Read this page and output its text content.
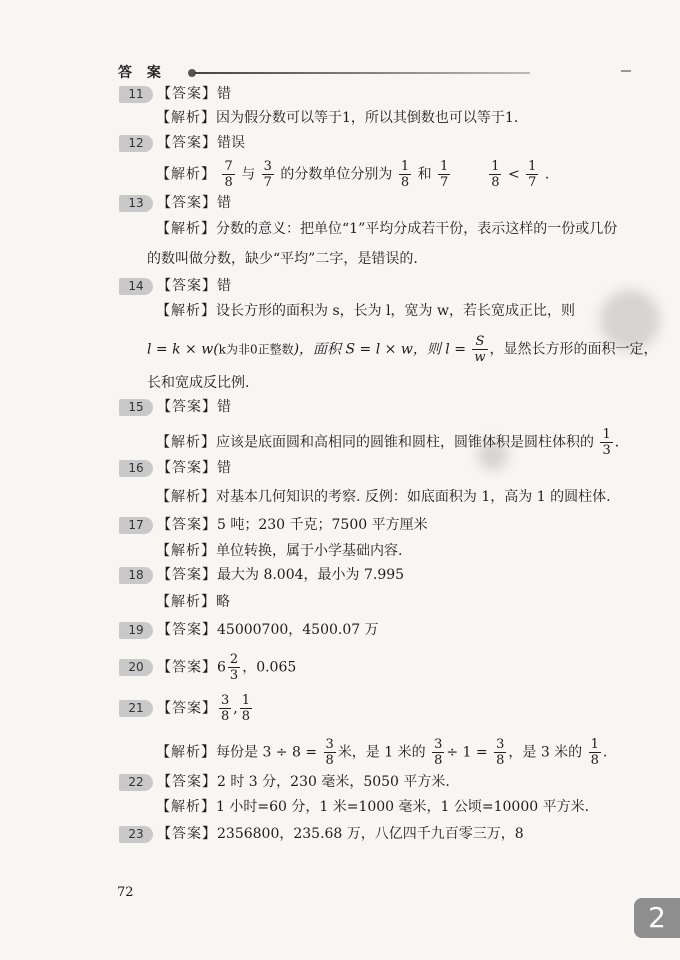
答 案
11 【答案】错
【解析】因为假分数可以等于1，所以其倒数也可以等于1.
12 【答案】错误
【解析】 $\frac{7}{8}$ 与 $\frac{3}{7}$ 的分数单位分别为 $\frac{1}{8}$ 和 $\frac{1}{7}$
	$\frac{1}{8} < \frac{1}{7}$ .
13 【答案】错
【解析】分数的意义：把单位“1”平均分成若干份，表示这样的一份或几份
的数叫做分数，缺少“平均”二字，是错误的.
14 【答案】错
【解析】设长方形的面积为 s，长为 l，宽为 w，若长宽成正比，则
l = k × w(k为非0正整数)，面积 S = l × w，则 $l = \frac{S}{w}$ ，显然长方形的面积一定，
长和宽成反比例.
15 【答案】错
【解析】应该是底面圆和高相同的圆锥和圆柱，圆锥体积是圆柱体积的 $\frac{1}{3}$ .
16 【答案】错
【解析】对基本几何知识的考察. 反例：如底面积为 1，高为 1 的圆柱体.
17 【答案】5 吨；230 千克；7500 平方厘米
【解析】单位转换，属于小学基础内容.
18 【答案】最大为 8.004，最小为 7.995
【解析】略
19 【答案】45000700，4500.07 万
20 【答案】$6 \frac{2}{3}$ ，0.065
21 【答案】 $\frac{3}{8}$ , $\frac{1}{8}$
【解析】每份是 $3 \div 8 = \frac{3}{8}$ 米，是 1 米的 $\frac{3}{8} \div 1 = \frac{3}{8}$ ，是 3 米的 $\frac{1}{8}$ .
22 【答案】2 时 3 分，230 毫米，5050 平方米.
【解析】1 小时=60 分，1 米=1000 毫米，1 公顷=10000 平方米.
23 【答案】2356800，235.68 万，八亿四千九百零三万，8
72
2
